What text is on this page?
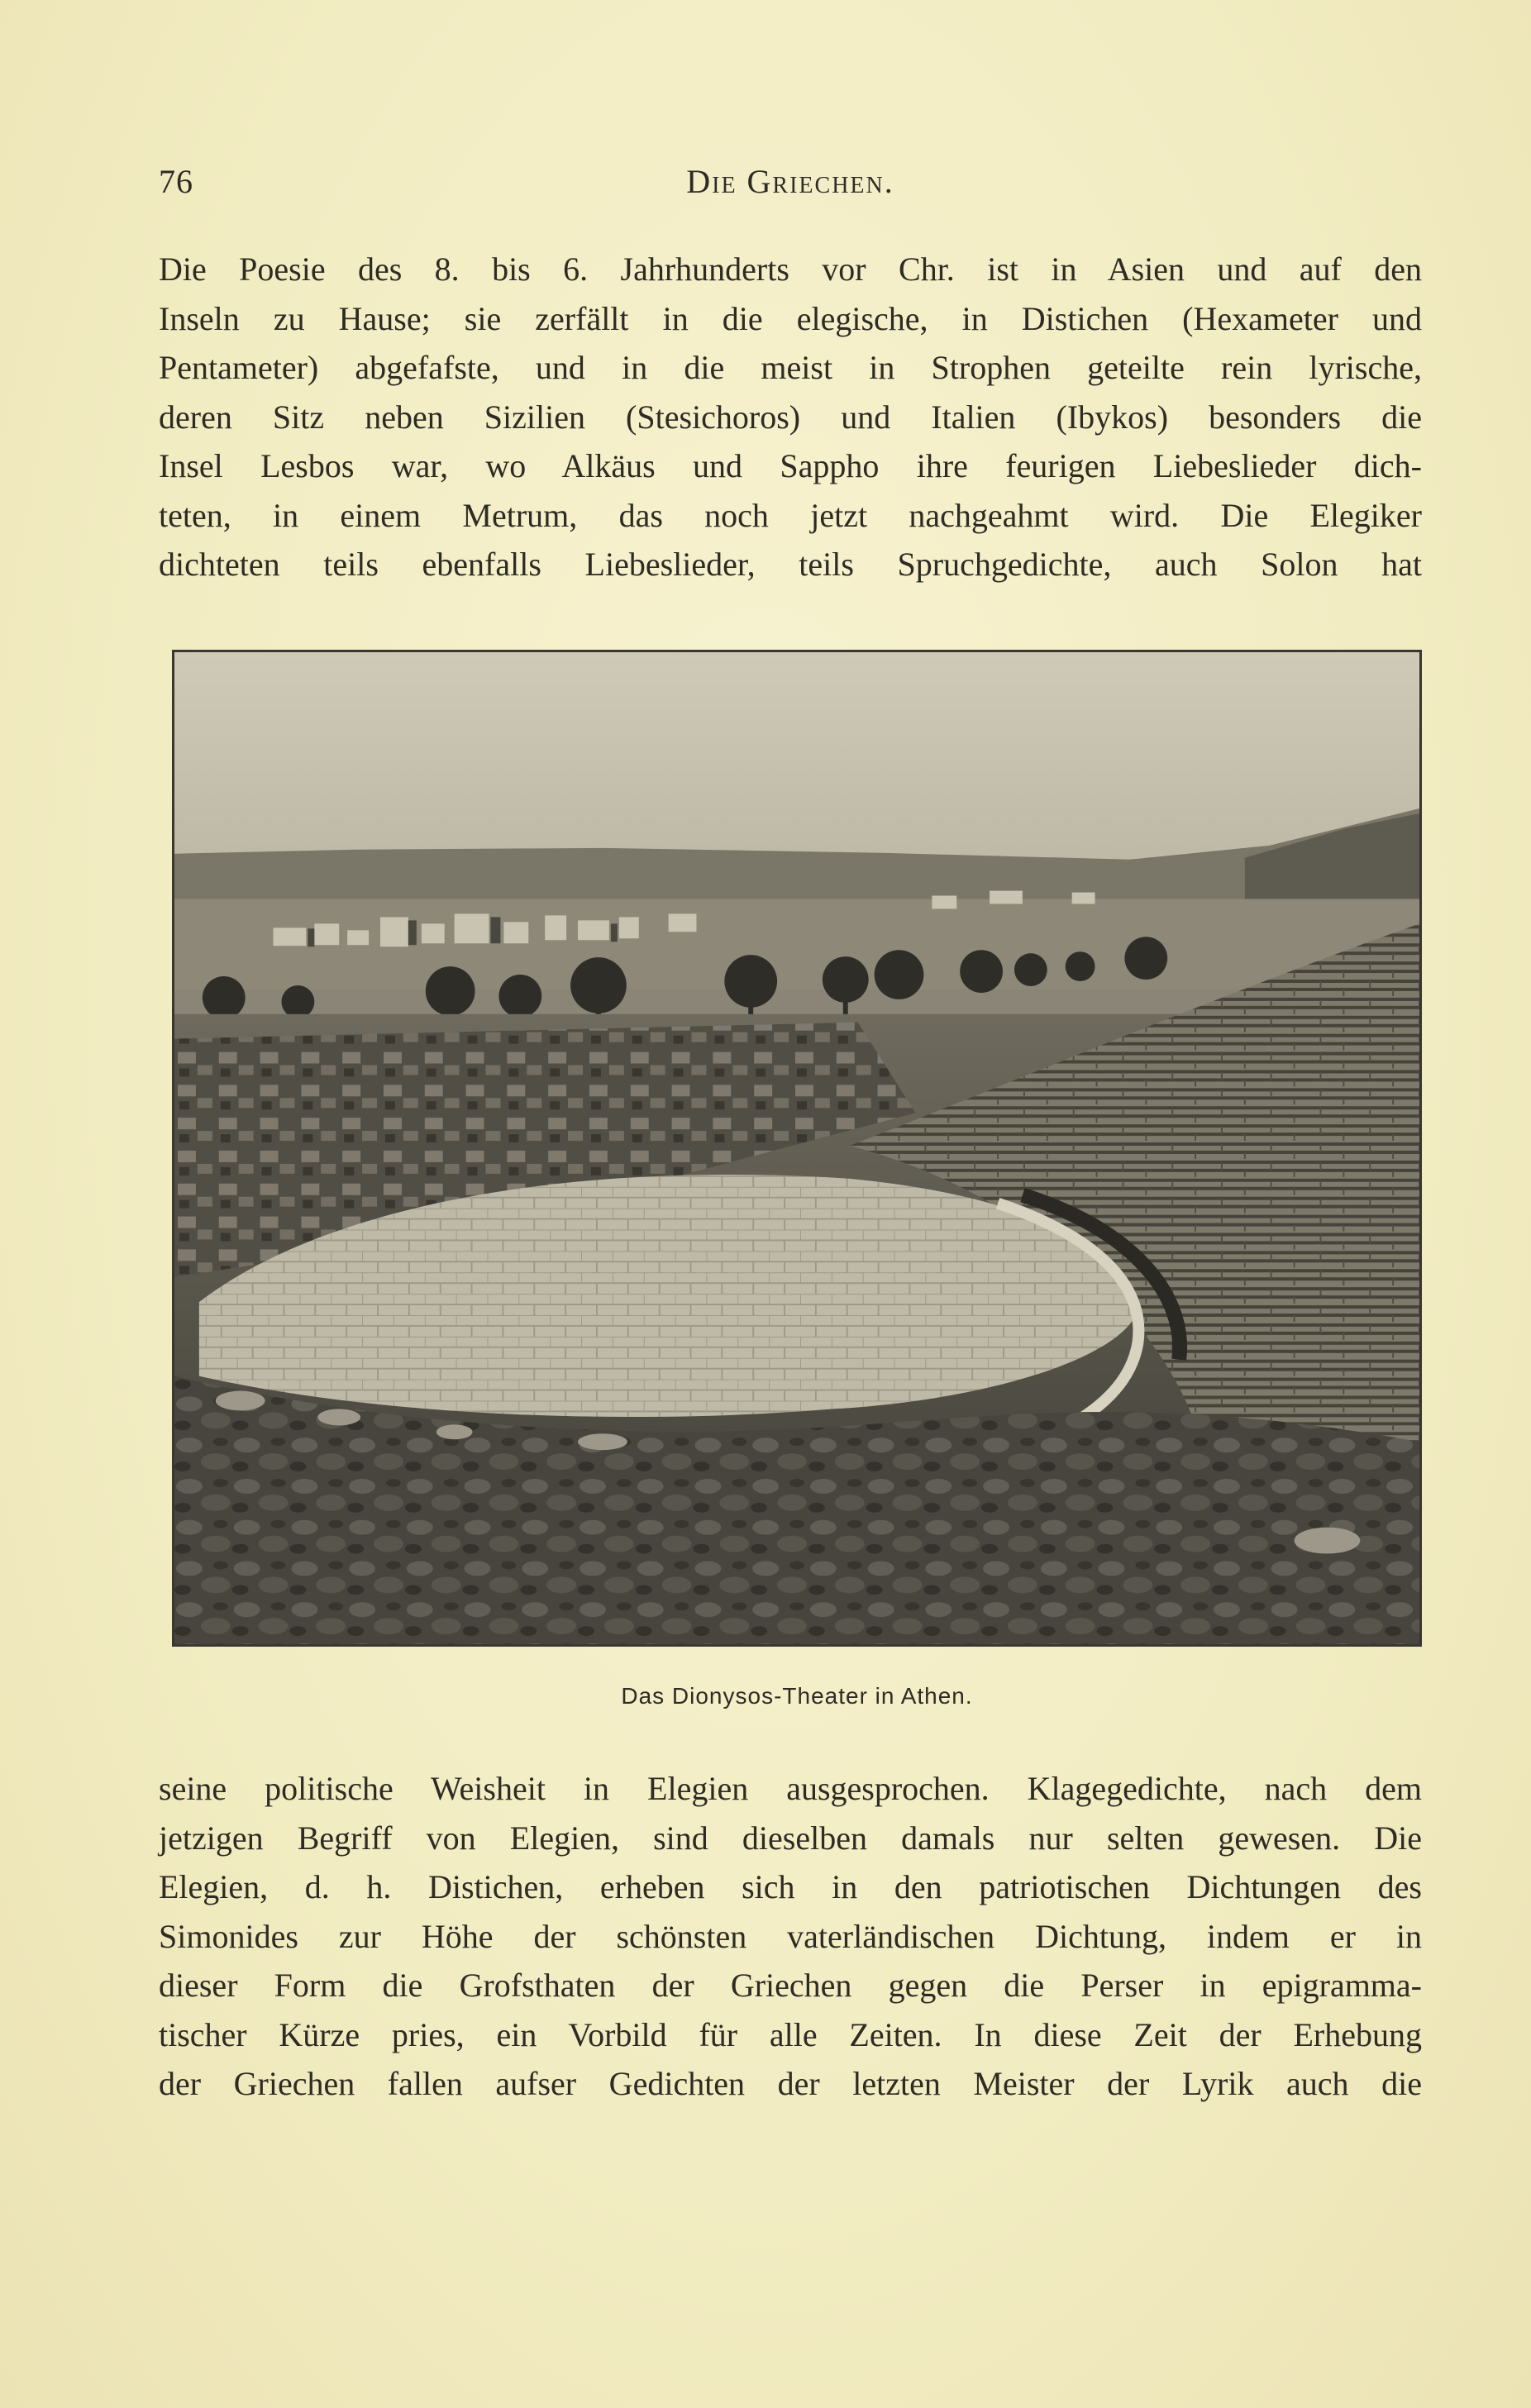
76	Die Griechen.
Die Poesie des 8. bis 6. Jahrhunderts vor Chr. ist in Asien und auf den
Inseln zu Hause; sie zerfällt in die elegische, in Distichen (Hexameter und
Pentameter) abgefafste, und in die meist in Strophen geteilte rein lyrische,
deren Sitz neben Sizilien (Stesichoros) und Italien (Ibykos) besonders die
Insel Lesbos war, wo Alkäus und Sappho ihre feurigen Liebeslieder dich-
teten, in einem Metrum, das noch jetzt nachgeahmt wird. Die Elegiker
dichteten teils ebenfalls Liebeslieder, teils Spruchgedichte, auch Solon hat
Das Dionysos-Theater in Athen.
seine politische Weisheit in Elegien ausgesprochen. Klagegedichte, nach dem
jetzigen Begriff von Elegien, sind dieselben damals nur selten gewesen. Die
Elegien, d. h. Distichen, erheben sich in den patriotischen Dichtungen des
Simonides zur Höhe der schönsten vaterländischen Dichtung, indem er in
dieser Form die Grofsthaten der Griechen gegen die Perser in epigramma-
tischer Kürze pries, ein Vorbild für alle Zeiten. In diese Zeit der Erhebung
der Griechen fallen aufser Gedichten der letzten Meister der Lyrik auch die
